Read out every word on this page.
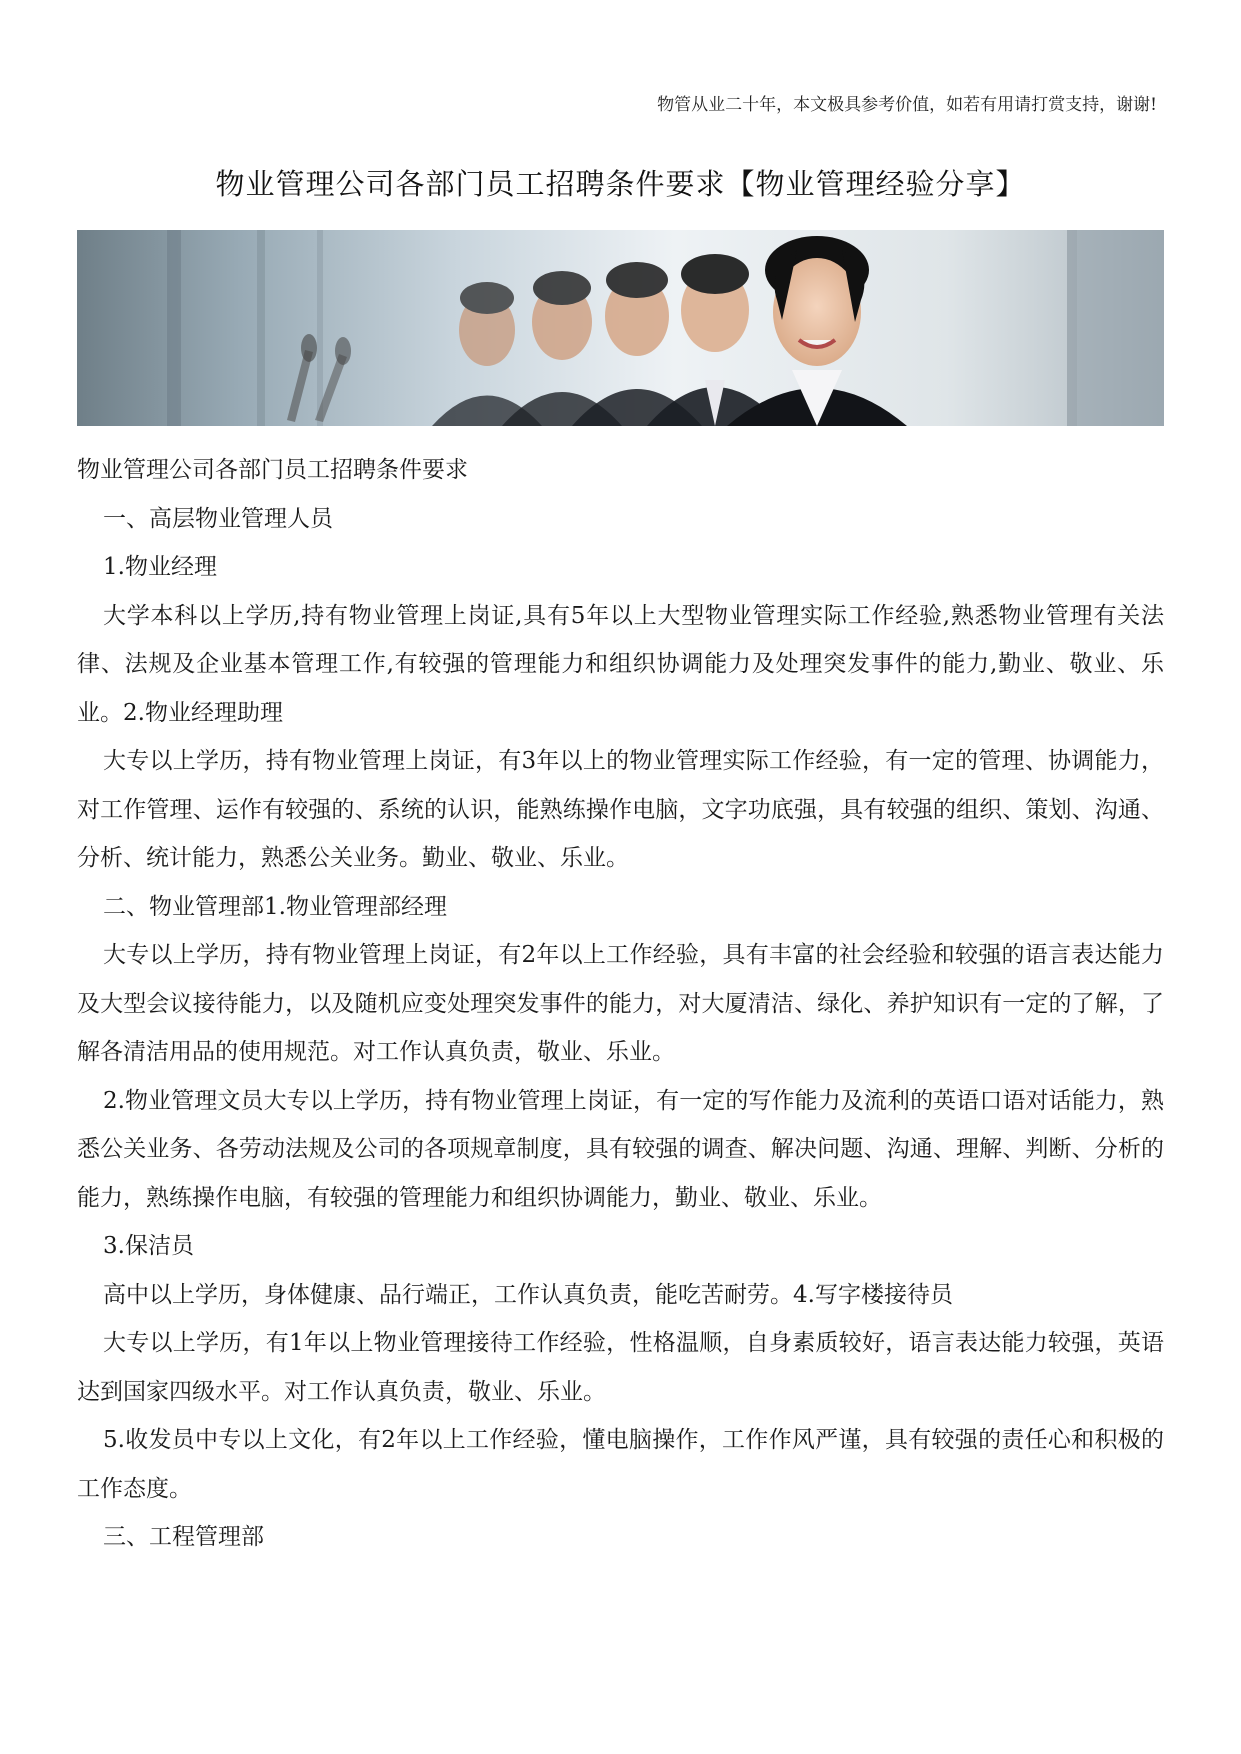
物管从业二十年，本文极具参考价值，如若有用请打赏支持，谢谢!
物业管理公司各部门员工招聘条件要求【物业管理经验分享】

物业管理公司各部门员工招聘条件要求

一、高层物业管理人员

1.物业经理

大学本科以上学历,持有物业管理上岗证,具有5年以上大型物业管理实际工作经验,熟悉物业管理有关法律、法规及企业基本管理工作,有较强的管理能力和组织协调能力及处理突发事件的能力,勤业、敬业、乐业。2.物业经理助理

大专以上学历，持有物业管理上岗证，有3年以上的物业管理实际工作经验，有一定的管理、协调能力，对工作管理、运作有较强的、系统的认识，能熟练操作电脑，文字功底强，具有较强的组织、策划、沟通、分析、统计能力，熟悉公关业务。勤业、敬业、乐业。

二、物业管理部1.物业管理部经理

大专以上学历，持有物业管理上岗证，有2年以上工作经验，具有丰富的社会经验和较强的语言表达能力及大型会议接待能力，以及随机应变处理突发事件的能力，对大厦清洁、绿化、养护知识有一定的了解，了解各清洁用品的使用规范。对工作认真负责，敬业、乐业。

2.物业管理文员大专以上学历，持有物业管理上岗证，有一定的写作能力及流利的英语口语对话能力，熟悉公关业务、各劳动法规及公司的各项规章制度，具有较强的调查、解决问题、沟通、理解、判断、分析的能力，熟练操作电脑，有较强的管理能力和组织协调能力，勤业、敬业、乐业。

3.保洁员

高中以上学历，身体健康、品行端正，工作认真负责，能吃苦耐劳。4.写字楼接待员

大专以上学历，有1年以上物业管理接待工作经验，性格温顺，自身素质较好，语言表达能力较强，英语达到国家四级水平。对工作认真负责，敬业、乐业。

5.收发员中专以上文化，有2年以上工作经验，懂电脑操作，工作作风严谨，具有较强的责任心和积极的工作态度。

三、工程管理部
